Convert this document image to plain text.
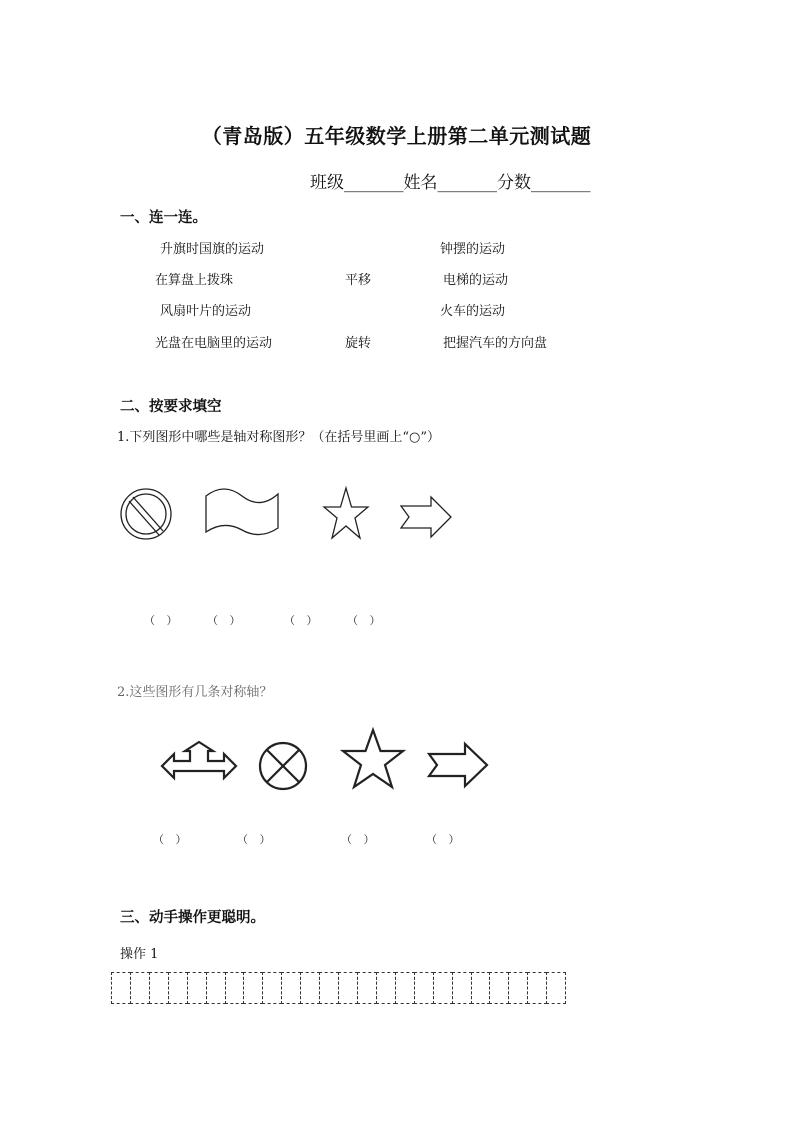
（青岛版）五年级数学上册第二单元测试题
班级_______姓名_______分数_______
一、连一连。
升旗时国旗的运动
在算盘上拨珠
风扇叶片的运动
光盘在电脑里的运动
平移
旋转
钟摆的运动
电梯的运动
火车的运动
把握汽车的方向盘
二、按要求填空
1.下列图形中哪些是轴对称图形？（在括号里画上“○”）
（ ） （ ）	（ ） （ ）
2.这些图形有几条对称轴？
（ ）	（ ）	（ ）	（ ）
三、动手操作更聪明。
操作 1
